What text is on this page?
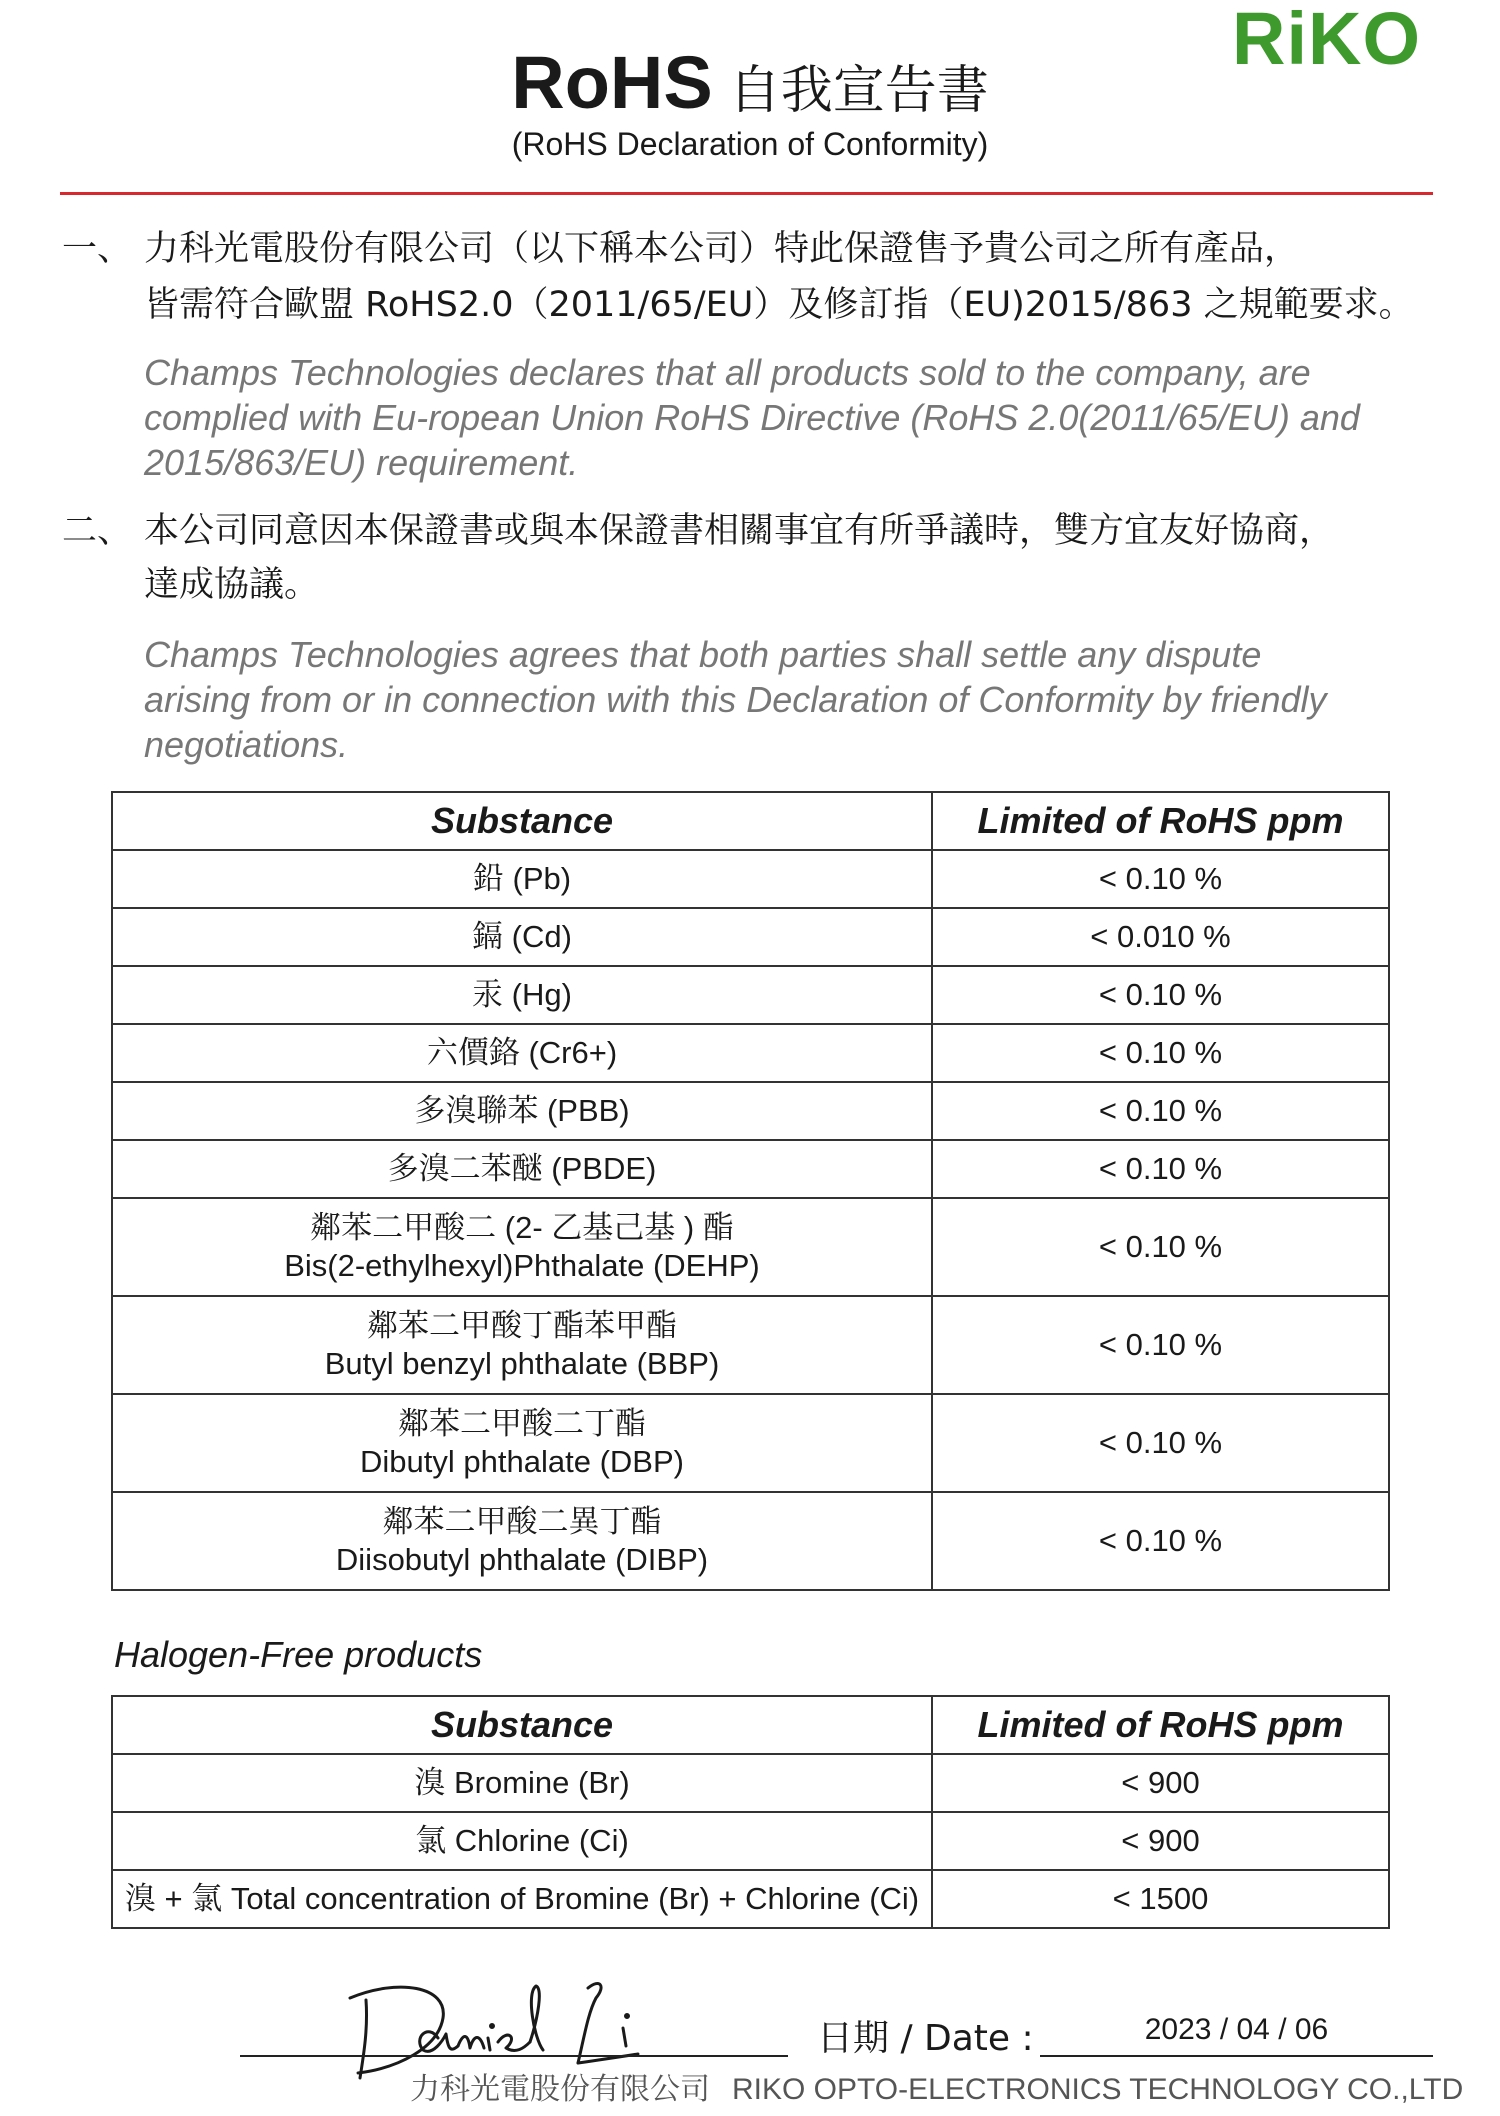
RiKO
RoHS 自我宣告書
(RoHS Declaration of Conformity)
一、 力科光電股份有限公司（以下稱本公司）特此保證售予貴公司之所有產品，
皆需符合歐盟 RoHS2.0（2011/65/EU）及修訂指（EU)2015/863 之規範要求。
Champs Technologies declares that all products sold to the company, are
complied with Eu-ropean Union RoHS Directive (RoHS 2.0(2011/65/EU) and
2015/863/EU) requirement.
二、 本公司同意因本保證書或與本保證書相關事宜有所爭議時，雙方宜友好協商，
達成協議。
Champs Technologies agrees that both parties shall settle any dispute
arising from or in connection with this Declaration of Conformity by friendly
negotiations.
Substance	Limited of RoHS ppm
鉛 (Pb)	< 0.10 %
鎘 (Cd)	< 0.010 %
汞 (Hg)	< 0.10 %
六價鉻 (Cr6+)	< 0.10 %
多溴聯苯 (PBB)	< 0.10 %
多溴二苯醚 (PBDE)	< 0.10 %

鄰苯二甲酸二 (2- 乙基己基 ) 酯
Bis(2-ethylhexyl)Phthalate (DEHP)	< 0.10 %

鄰苯二甲酸丁酯苯甲酯
Butyl benzyl phthalate (BBP)	< 0.10 %

鄰苯二甲酸二丁酯
Dibutyl phthalate (DBP)	< 0.10 %

鄰苯二甲酸二異丁酯
Diisobutyl phthalate (DIBP)	< 0.10 %
Halogen-Free products
Substance	Limited of RoHS ppm
溴 Bromine (Br)	< 900
氯 Chlorine (Ci)	< 900
溴 + 氯 Total concentration of Bromine (Br) + Chlorine (Ci)	< 1500
日期 / Date :	2023 / 04 / 06
力科光電股份有限公司 RIKO OPTO-ELECTRONICS TECHNOLOGY CO.,LTD
